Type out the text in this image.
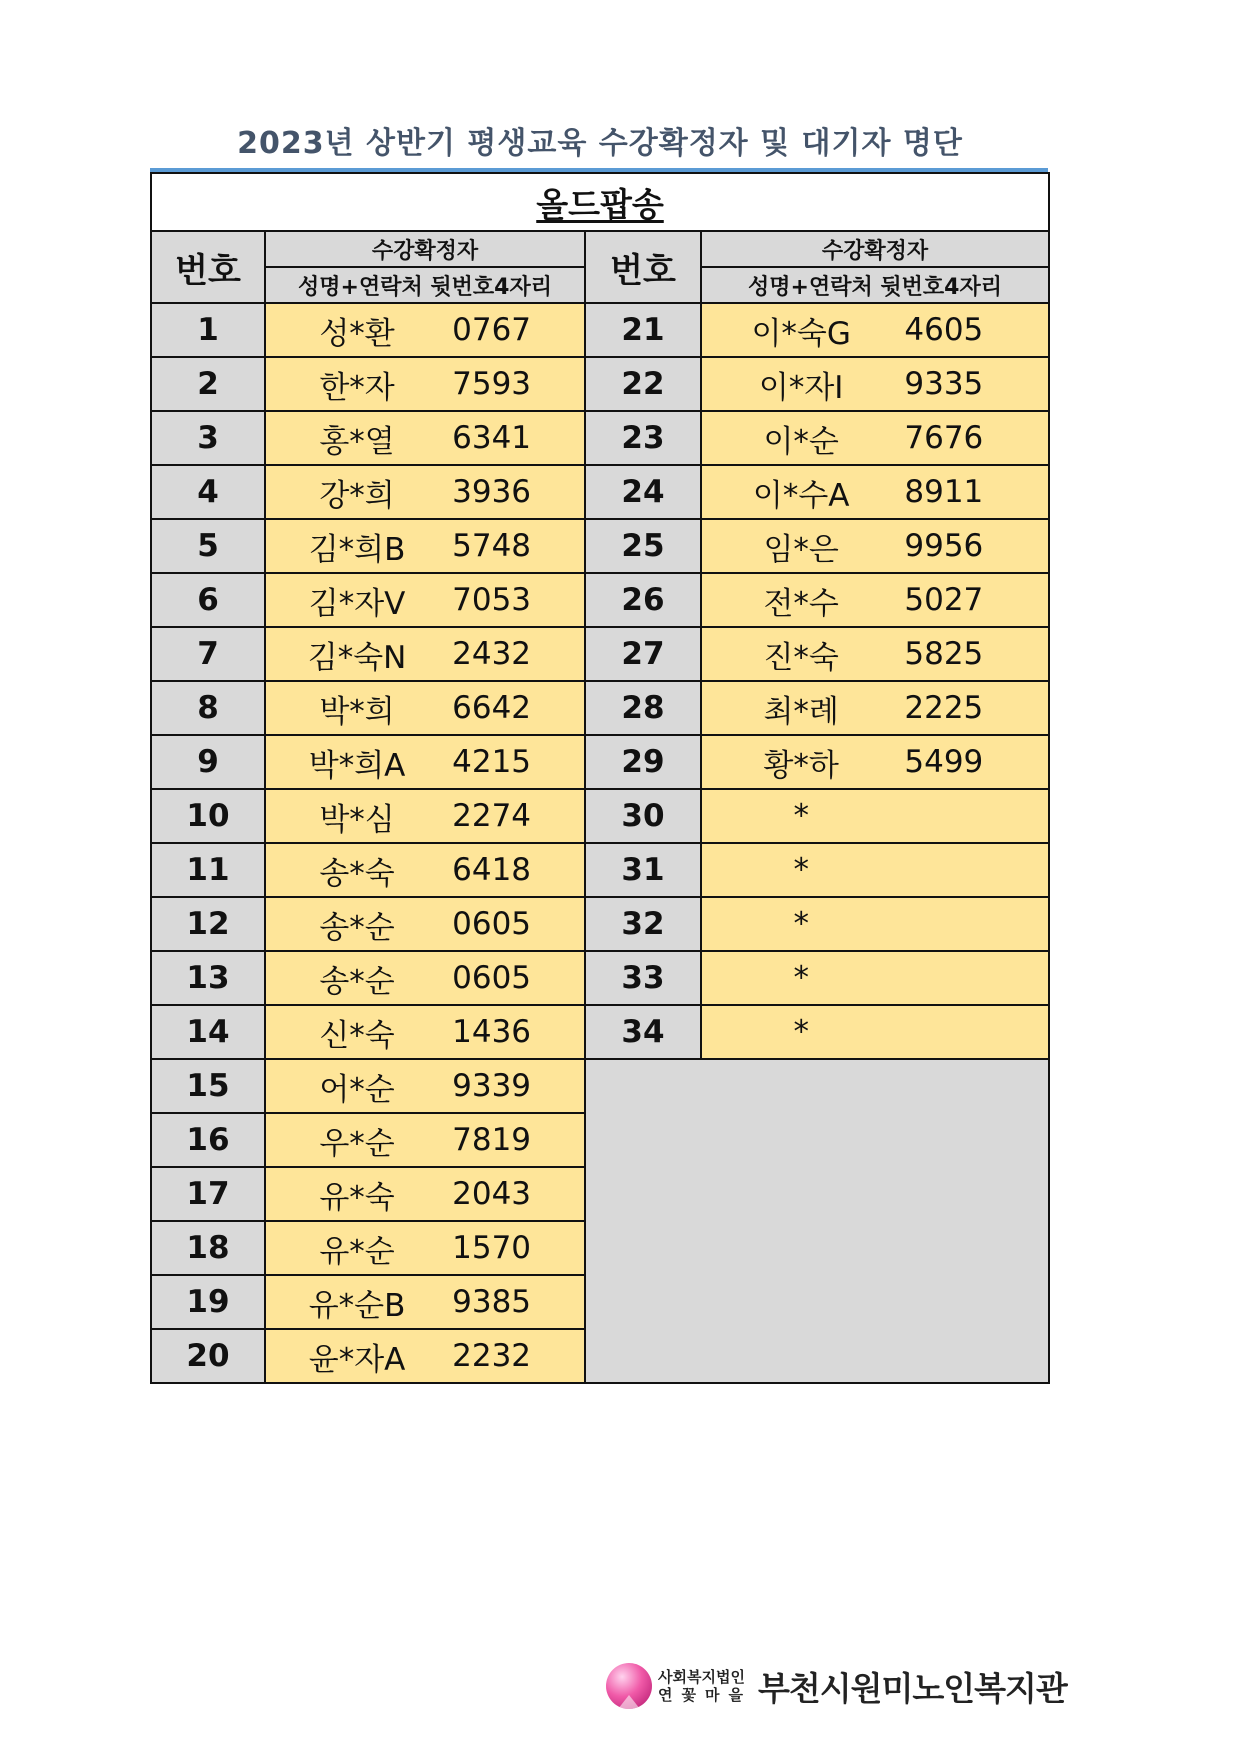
2023년 상반기 평생교육 수강확정자 및 대기자 명단
올드팝송			
번호	수강확정자	번호	수강확정자
	성명+연락처 뒷번호4자리		성명+연락처 뒷번호4자리
1	성*환 0767	21	이*숙G 4605

2	한*자 7593	22	이*자I 9335

3	홍*열 6341	23	이*순 7676

4	강*희 3936	24	이*수A 8911

5	김*희B 5748	25	임*은 9956

6	김*자V 7053	26	전*수 5027

7	김*숙N 2432	27	진*숙 5825

8	박*희 6642	28	최*례 2225

9	박*희A 4215	29	황*하 5499

10	박*심 2274	30	*

11	송*숙 6418	31	*

12	송*순 0605	32	*

13	송*순 0605	33	*

14	신*숙 1436	34	*

15	어*순 9339		

16	우*순 7819		

17	유*숙 2043		

18	유*순 1570		

19	유*순B 9385		

20	윤*자A 2232		
사회복지법인
연꽃마을 부천시원미노인복지관
